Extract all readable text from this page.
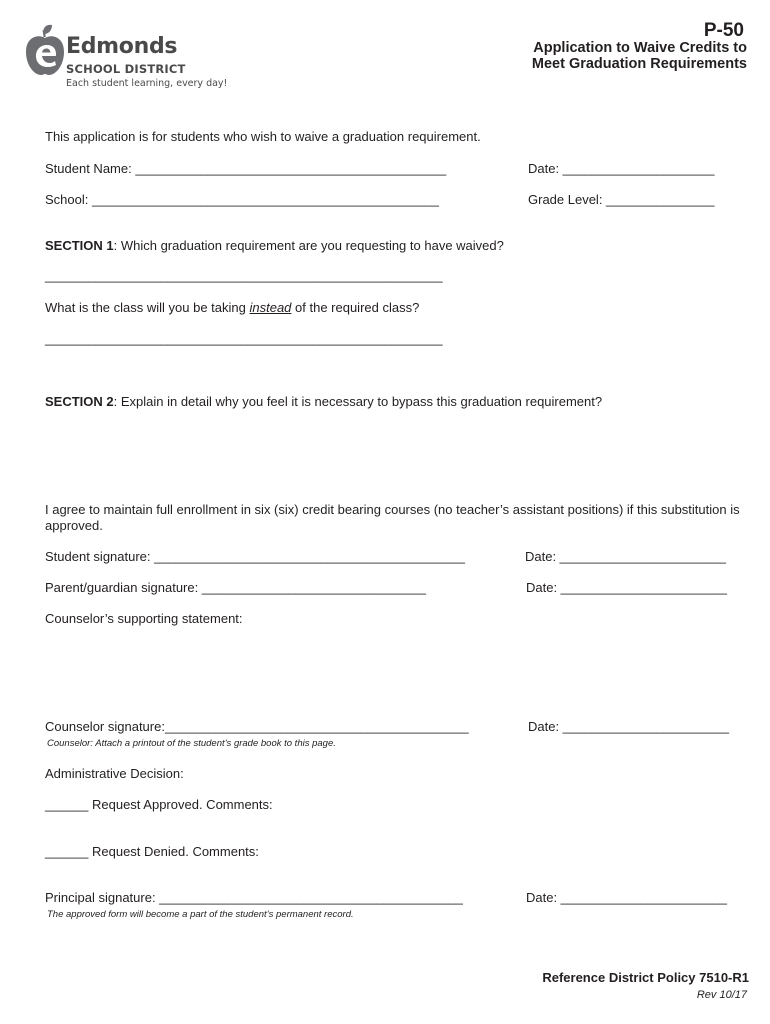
Edmonds
SCHOOL DISTRICT
Each student learning, every day!
P-50
Application to Waive Credits to
Meet Graduation Requirements
This application is for students who wish to waive a graduation requirement.
Student Name: ___________________________________________	Date: _____________________
School: ________________________________________________	Grade Level: _______________
SECTION 1: Which graduation requirement are you requesting to have waived?
_______________________________________________________
What is the class will you be taking instead of the required class?
_______________________________________________________
SECTION 2: Explain in detail why you feel it is necessary to bypass this graduation requirement?
I agree to maintain full enrollment in six (six) credit bearing courses (no teacher’s assistant positions) if this substitution is
approved.
Student signature: ___________________________________________	Date: _______________________
Parent/guardian signature: _______________________________	Date: _______________________
Counselor’s supporting statement:
Counselor signature:__________________________________________	Date: _______________________
Counselor: Attach a printout of the student’s grade book to this page.
Administrative Decision:
______ Request Approved. Comments:
______ Request Denied. Comments:
Principal signature: __________________________________________	Date: _______________________
The approved form will become a part of the student’s permanent record.
Reference District Policy 7510-R1
Rev 10/17
